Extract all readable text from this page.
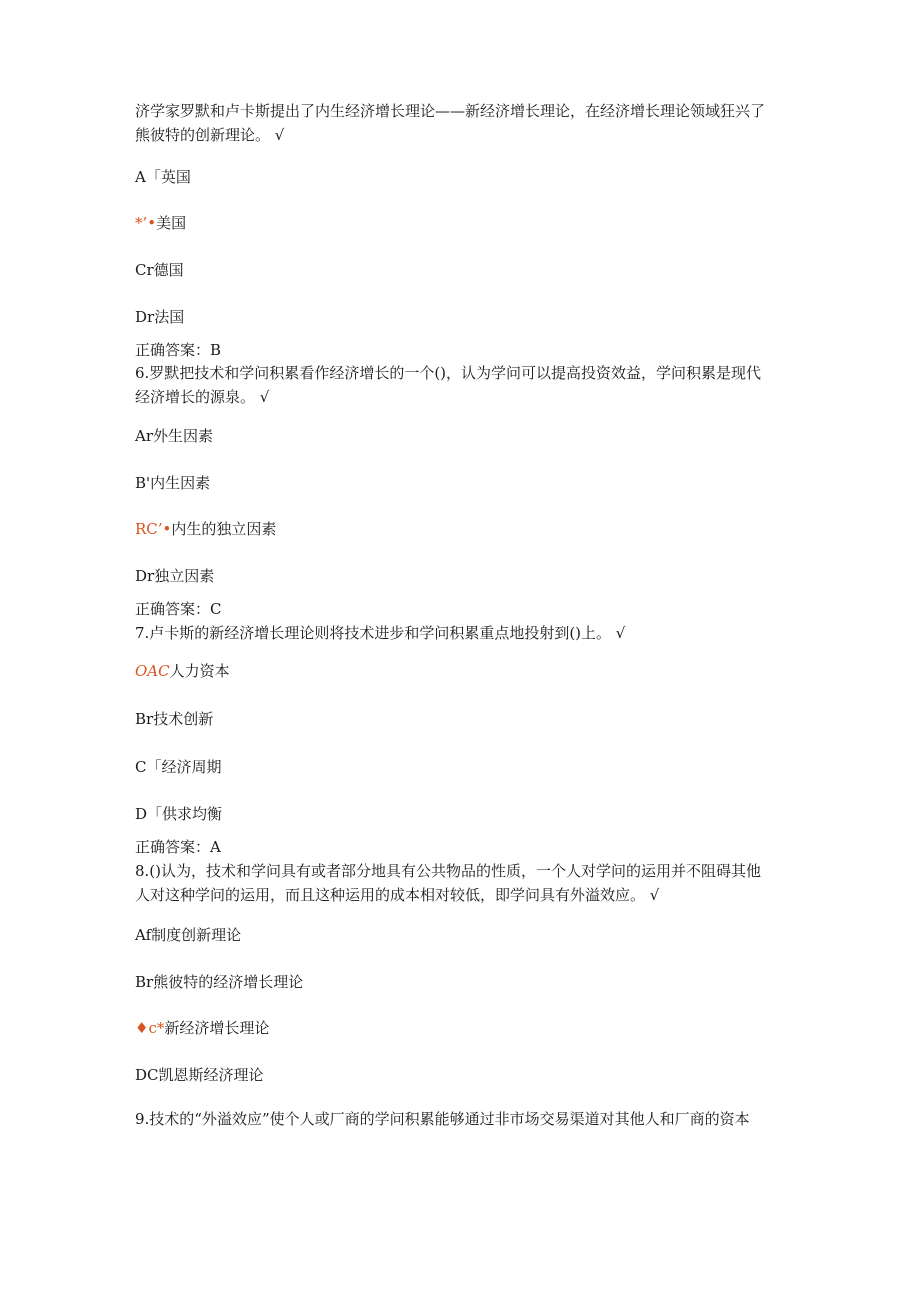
济学家罗默和卢卡斯提出了内生经济增长理论——新经济增长理论，在经济增长理论领域狂兴了
熊彼特的创新理论。 √
A「英国
*’•美国
Cr德国
Dr法国
正确答案：B
6.罗默把技术和学问积累看作经济增长的一个()，认为学问可以提高投资效益，学问积累是现代
经济增长的源泉。 √
Ar外生因素
B'内生因素
RC’•内生的独立因素
Dr独立因素
正确答案：C
7.卢卡斯的新经济增长理论则将技术进步和学问积累重点地投射到()上。 √
OAC人力资本
Br技术创新
C「经济周期
D「供求均衡
正确答案：A
8.()认为，技术和学问具有或者部分地具有公共物品的性质，一个人对学问的运用并不阻碍其他
人对这种学问的运用，而且这种运用的成本相对较低，即学问具有外溢效应。 √
Af制度创新理论
Br熊彼特的经济增长理论
♦c*新经济增长理论
DC凯恩斯经济理论
9.技术的“外溢效应”使个人或厂商的学问积累能够通过非市场交易渠道对其他人和厂商的资本
